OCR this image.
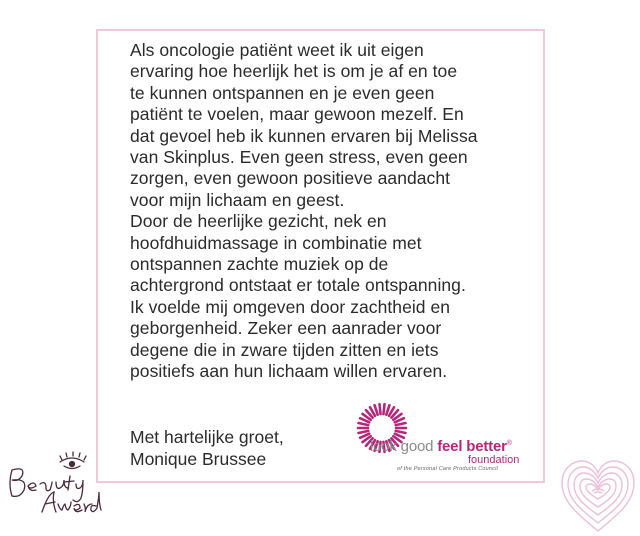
Als oncologie patiënt weet ik uit eigen
ervaring hoe heerlijk het is om je af en toe
te kunnen ontspannen en je even geen
patiënt te voelen, maar gewoon mezelf. En
dat gevoel heb ik kunnen ervaren bij Melissa
van Skinplus. Even geen stress, even geen
zorgen, even gewoon positieve aandacht
voor mijn lichaam en geest.
Door de heerlijke gezicht, nek en
hoofdhuidmassage in combinatie met
ontspannen zachte muziek op de
achtergrond ontstaat er totale ontspanning.
Ik voelde mij omgeven door zachtheid en
geborgenheid. Zeker een aanrader voor
degene die in zware tijden zitten en iets
positiefs aan hun lichaam willen ervaren.

Met hartelijke groet,
Monique Brussee
look good feel better®
foundation
of the Personal Care Products Council
